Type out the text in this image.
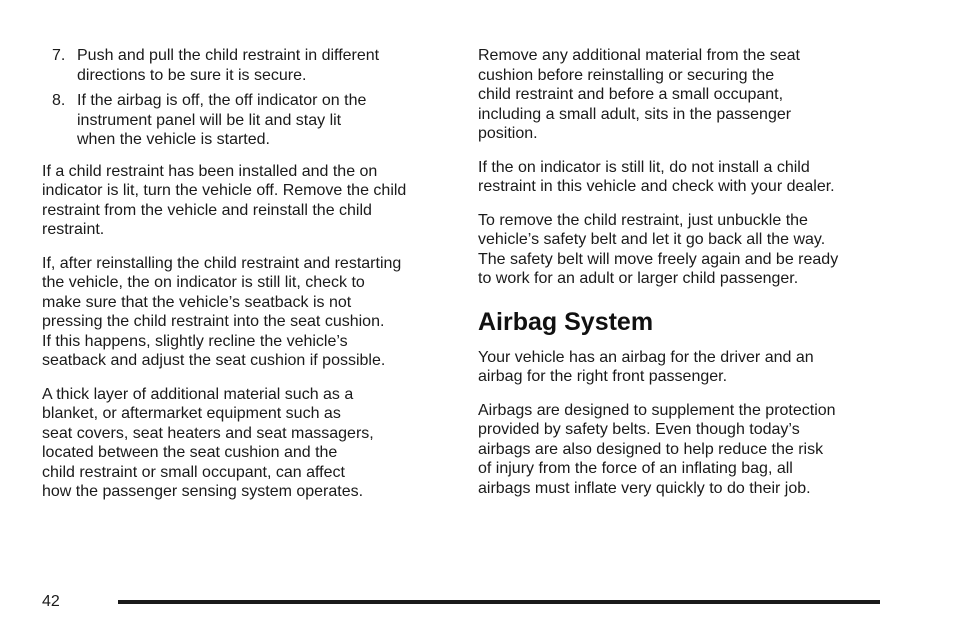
7. Push and pull the child restraint in different
directions to be sure it is secure.
8. If the airbag is off, the off indicator on the
instrument panel will be lit and stay lit
when the vehicle is started.

If a child restraint has been installed and the on
indicator is lit, turn the vehicle off. Remove the child
restraint from the vehicle and reinstall the child
restraint.

If, after reinstalling the child restraint and restarting
the vehicle, the on indicator is still lit, check to
make sure that the vehicle’s seatback is not
pressing the child restraint into the seat cushion.
If this happens, slightly recline the vehicle’s
seatback and adjust the seat cushion if possible.

A thick layer of additional material such as a
blanket, or aftermarket equipment such as
seat covers, seat heaters and seat massagers,
located between the seat cushion and the
child restraint or small occupant, can affect
how the passenger sensing system operates.

Remove any additional material from the seat
cushion before reinstalling or securing the
child restraint and before a small occupant,
including a small adult, sits in the passenger
position.

If the on indicator is still lit, do not install a child
restraint in this vehicle and check with your dealer.

To remove the child restraint, just unbuckle the
vehicle’s safety belt and let it go back all the way.
The safety belt will move freely again and be ready
to work for an adult or larger child passenger.

Airbag System

Your vehicle has an airbag for the driver and an
airbag for the right front passenger.

Airbags are designed to supplement the protection
provided by safety belts. Even though today’s
airbags are also designed to help reduce the risk
of injury from the force of an inflating bag, all
airbags must inflate very quickly to do their job.

42
